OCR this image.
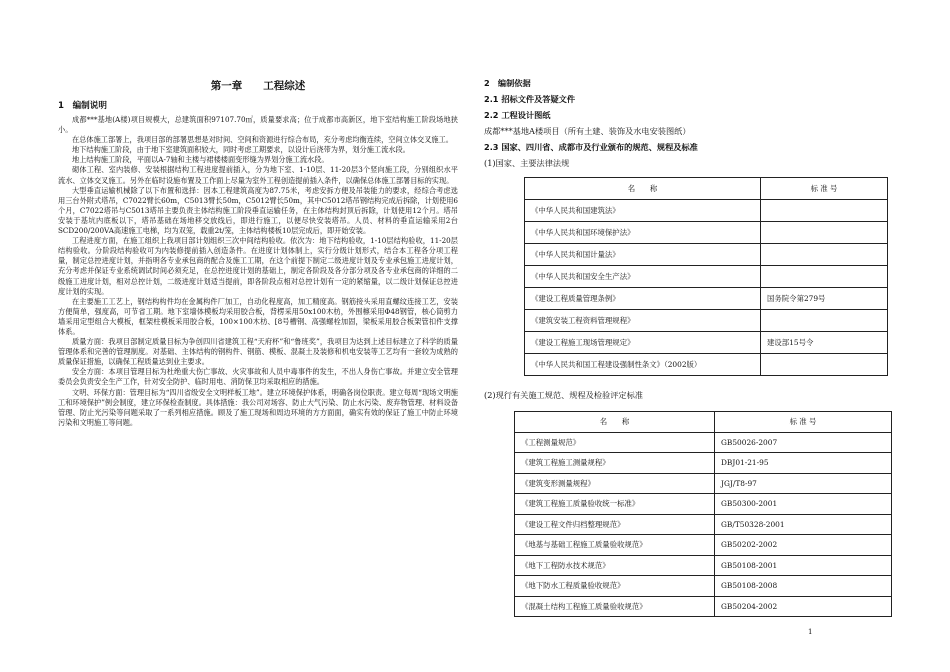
第一章　　工程综述
1　编制说明

成都***基地(A楼)项目规模大，总建筑面积97107.70㎡，质量要求高；位于成都市高新区，地下室结构施工阶段场地狭小。

在总体施工部署上，我项目部的部署思想是对时间、空间和资源进行综合布局，充分考虑均衡连续，空间立体交叉施工。

地下结构施工阶段，由于地下室建筑面积较大，同时考虑工期要求，以设计后浇带为界，划分施工流水段。

地上结构施工阶段，平面以A-7轴和主楼与裙楼楼面变形缝为界划分施工流水段。

砌体工程、室内装修、安装根据结构工程进度提前插入，分为地下室、1-10层、11-20层3个竖向施工段，分别组织水平流水、立体交叉施工。另外在临时设施布置及工作面上尽量为室外工程创造提前插入条件，以确保总体施工部署目标的实现。

大型垂直运输机械除了以下布置和选择：因本工程建筑高度为87.75米，考虑安拆方便及吊装能力的要求，经综合考虑选用三台外附式塔吊，C7022臂长60m，C5013臂长50m，C5012臂长50m，其中C5012塔吊钢结构完成后拆除，计划使用6个月，C7022塔吊与C5013塔吊主要负责主体结构施工阶段垂直运输任务，在主体结构封顶后拆除，计划使用12个月。塔吊安装于基坑内底板以下，塔吊基础在场地移交放线后，即进行施工，以便尽快安装塔吊。人员、材料的垂直运输采用2台SCD200/200VA高速施工电梯，均为双笼，载重2t/笼，主体结构楼板10层完成后，即开始安装。

工程进度方面，在施工组织上我项目部计划组织三次中间结构验收。依次为：地下结构验收，1-10层结构验收，11-20层结构验收。分阶段结构验收可为内装修提前插入创造条件。在进度计划体制上，实行分级计划形式，结合本工程各分项工程量，制定总控进度计划，并指明各专业承包商的配合及施工工期，在这个前提下制定二级进度计划及专业承包施工进度计划，充分考虑并保证专业系统调试时间必须充足，在总控进度计划的基础上，制定各阶段及各分部分项及各专业承包商的详细的二级施工进度计划，相对总控计划，二级进度计划适当提前，即各阶段点相对总控计划有一定的紧缩量，以二级计划保证总控进度计划的实现。

在主要施工工艺上，钢结构构件均在金属构件厂加工，自动化程度高，加工精度高。钢筋接头采用直螺纹连接工艺，安装方便简单，强度高，可节省工期。地下室墙体模板均采用胶合板，背楞采用50x100木枋，外围檩采用Φ48钢管，核心筒剪力墙采用定型组合大模板，框架柱模板采用胶合板，100×100木枋、[8号槽钢、高强螺栓加固，梁板采用胶合板架管扣件支撑体系。

质量方面：我项目部制定质量目标为争创四川省建筑工程“天府杯”和“鲁班奖”，我项目为达到上述目标建立了科学的质量管理体系和完善的管理制度。对基础、主体结构的钢构件、钢筋、模板、混凝土及装修和机电安装等工艺均有一套较为成熟的质量保证措施，以确保工程质量达到业主要求。

安全方面：本项目管理目标为杜绝重大伤亡事故、火灾事故和人员中毒事件的发生，不出人身伤亡事故。并建立安全管理委员会负责安全生产工作，针对安全防护、临时用电、消防保卫均采取相应的措施。

文明、环保方面：管理目标为“四川省级安全文明样板工地”。建立环境保护体系，明确各岗位职责。建立每周“现场文明施工和环境保护”例会制度，建立环保检查制度。具体措施：我公司对场容、防止大气污染、防止水污染、废弃物管理、材料设备管理、防止光污染等问题采取了一系列相应措施。顾及了施工现场和周边环境的方方面面，确实有效的保证了施工中防止环境污染和文明施工等问题。

2　编制依据
2.1 招标文件及答疑文件
2.2 工程设计图纸
成都***基地A楼项目（所有土建、装饰及水电安装图纸）
2.3 国家、四川省、成都市及行业颁布的规范、规程及标准
(1)国家、主要法律法规
名　　称	标 准 号
《中华人民共和国建筑法》	
《中华人民共和国环境保护法》	
《中华人民共和国计量法》	
《中华人民共和国安全生产法》	
《建设工程质量管理条例》	国务院令第279号
《建筑安装工程资料管理规程》	
《建设工程施工现场管理规定》	建设部15号令
《中华人民共和国工程建设强制性条文》（2002版）	
(2)现行有关施工规范、规程及检验评定标准
名　　称	标 准 号
《工程测量规范》	GB50026-2007
《建筑工程施工测量规程》	DBJ01-21-95
《建筑变形测量规程》	JGJ/T8-97
《建筑工程施工质量验收统一标准》	GB50300-2001
《建设工程文件归档整理规范》	GB/T50328-2001
《地基与基础工程施工质量验收规范》	GB50202-2002
《地下工程防水技术规范》	GB50108-2001
《地下防水工程质量验收规范》	GB50108-2008
《混凝土结构工程施工质量验收规范》	GB50204-2002
1
